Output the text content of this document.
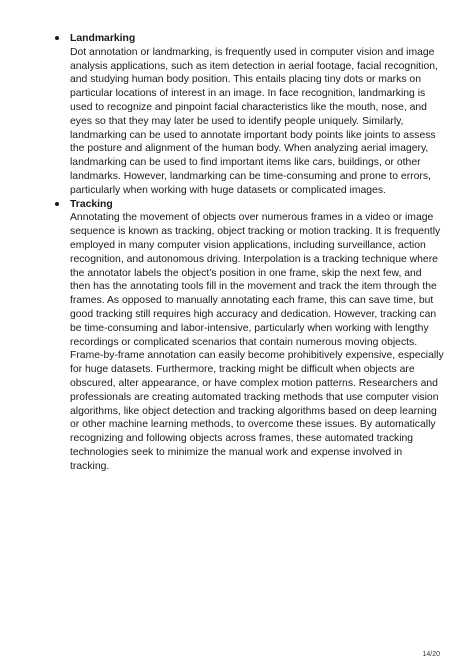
Landmarking

Dot annotation or landmarking, is frequently used in computer vision and image analysis applications, such as item detection in aerial footage, facial recognition, and studying human body position. This entails placing tiny dots or marks on particular locations of interest in an image. In face recognition, landmarking is used to recognize and pinpoint facial characteristics like the mouth, nose, and eyes so that they may later be used to identify people uniquely. Similarly, landmarking can be used to annotate important body points like joints to assess the posture and alignment of the human body. When analyzing aerial imagery, landmarking can be used to find important items like cars, buildings, or other landmarks. However, landmarking can be time-consuming and prone to errors, particularly when working with huge datasets or complicated images.

Tracking

Annotating the movement of objects over numerous frames in a video or image sequence is known as tracking, object tracking or motion tracking. It is frequently employed in many computer vision applications, including surveillance, action recognition, and autonomous driving. Interpolation is a tracking technique where the annotator labels the object’s position in one frame, skip the next few, and then has the annotating tools fill in the movement and track the item through the frames. As opposed to manually annotating each frame, this can save time, but good tracking still requires high accuracy and dedication. However, tracking can be time-consuming and labor-intensive, particularly when working with lengthy recordings or complicated scenarios that contain numerous moving objects. Frame-by-frame annotation can easily become prohibitively expensive, especially for huge datasets. Furthermore, tracking might be difficult when objects are obscured, alter appearance, or have complex motion patterns. Researchers and professionals are creating automated tracking methods that use computer vision algorithms, like object detection and tracking algorithms based on deep learning or other machine learning methods, to overcome these issues. By automatically recognizing and following objects across frames, these automated tracking technologies seek to minimize the manual work and expense involved in tracking.

14/20
